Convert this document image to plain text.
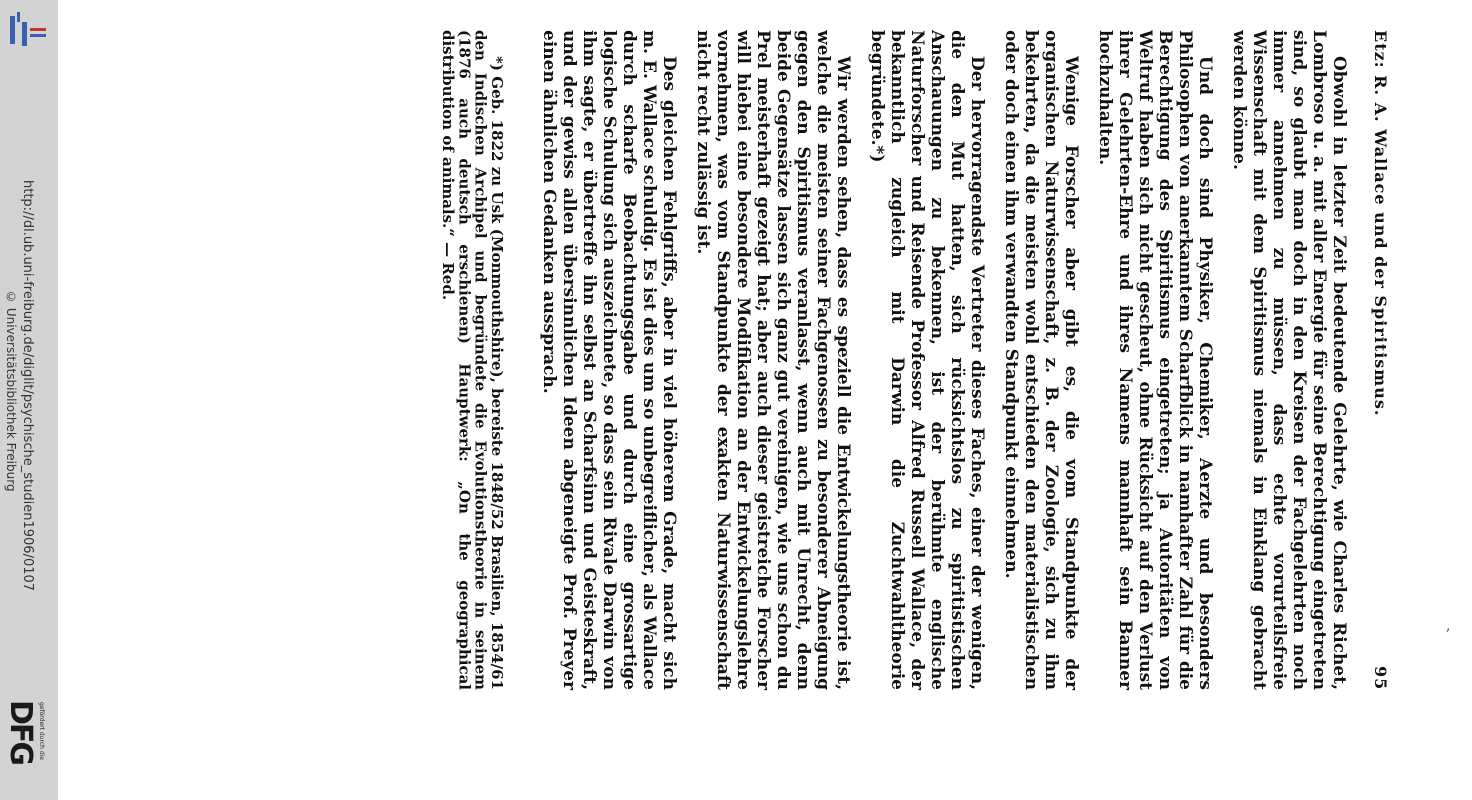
http://dl.ub.uni-freiburg.de/diglit/psychische_studien1906/0107
© Universitätsbibliothek Freiburg
gefördert durch die
DFG
Etz: R. A. Wallace und der Spiritismus.
95

Obwohl in letzter Zeit bedeutende Gelehrte, wie Charles Richet, Lombroso u. a. mit aller Energie für seine Berechtigung eingetreten sind, so glaubt man doch in den Kreisen der Fachgelehrten noch immer annehmen zu müssen, dass echte vorurteilsfreie Wissenschaft mit dem Spiritismus niemals in Einklang gebracht werden könne.

Und doch sind Physiker, Chemiker, Aerzte und besonders Philosophen von anerkanntem Scharfblick in namhafter Zahl für die Berechtigung des Spiritismus eingetreten; ja Autoritäten von Weltruf haben sich nicht gescheut, ohne Rücksicht auf den Verlust ihrer Gelehrten-Ehre und ihres Namens mannhaft sein Banner hochzuhalten.

Wenige Forscher aber gibt es, die vom Standpunkte der organischen Naturwissenschaft, z. B. der Zoologie, sich zu ihm bekehrten, da die meisten wohl entschieden den materialistischen oder doch einen ihm verwandten Standpunkt einnehmen.

Der hervorragendste Vertreter dieses Faches, einer der wenigen, die den Mut hatten, sich rücksichtslos zu spiritistischen Anschauungen zu bekennen, ist der berühmte englische Naturforscher und Reisende Professor Alfred Russell Wallace, der bekanntlich zugleich mit Darwin die Zuchtwahltheorie begründete.*)

Wir werden sehen, dass es speziell die Entwickelungstheorie ist, welche die meisten seiner Fachgenossen zu besonderer Abneigung gegen den Spiritismus veranlasst, wenn auch mit Unrecht, denn beide Gegensätze lassen sich ganz gut vereinigen, wie uns schon du Prel meisterhaft gezeigt hat; aber auch dieser geistreiche Forscher will hiebei eine besondere Modifikation an der Entwickelungslehre vornehmen, was vom Standpunkte der exakten Naturwissenschaft nicht recht zulässig ist.

Des gleichen Fehlgriffs, aber in viel höherem Grade, macht sich m. E. Wallace schuldig. Es ist dies um so unbegreiflicher, als Wallace durch scharfe Beobachtungsgabe und durch eine grossartige logische Schulung sich auszeichnete, so dass sein Rivale Darwin von ihm sagte, er übertreffe ihn selbst an Scharfsinn und Geisteskraft, und der gewiss allen übersinnlichen Ideen abgeneigte Prof. Preyer einen ähnlichen Gedanken aussprach.

*) Geb. 1822 zu Usk (Monmouthshire), bereiste 1848/52 Brasilien, 1854/61 den Indischen Archipel und begründete die Evolutionstheorie in seinem (1876 auch deutsch erschienen) Hauptwerk: „On the geographical distribution of animals.“ — Red.

,
